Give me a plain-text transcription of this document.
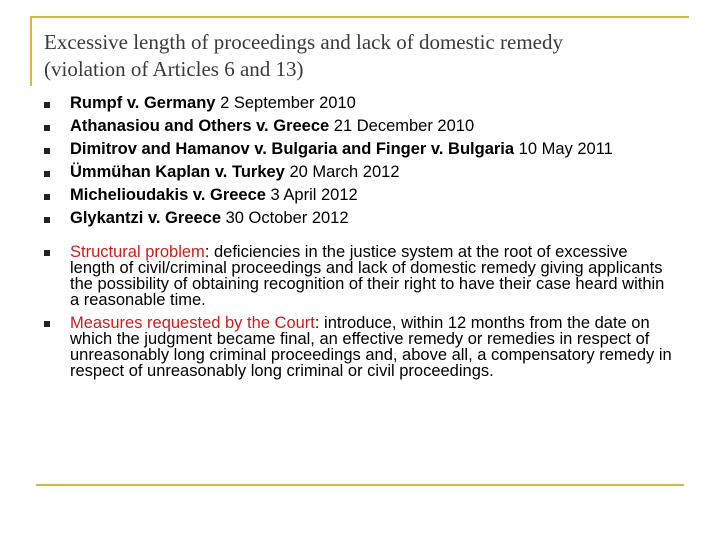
Excessive length of proceedings and lack of domestic remedy
(violation of Articles 6 and 13)
Rumpf v. Germany 2 September 2010
Athanasiou and Others v. Greece 21 December 2010
Dimitrov and Hamanov v. Bulgaria and Finger v. Bulgaria 10 May 2011
Ümmühan Kaplan v. Turkey 20 March 2012
Michelioudakis v. Greece 3 April 2012
Glykantzi v. Greece 30 October 2012
Structural problem: deficiencies in the justice system at the root of excessive length of civil/criminal proceedings and lack of domestic remedy giving applicants the possibility of obtaining recognition of their right to have their case heard within a reasonable time.
Measures requested by the Court: introduce, within 12 months from the date on which the judgment became final, an effective remedy or remedies in respect of unreasonably long criminal proceedings and, above all, a compensatory remedy in respect of unreasonably long criminal or civil proceedings.
